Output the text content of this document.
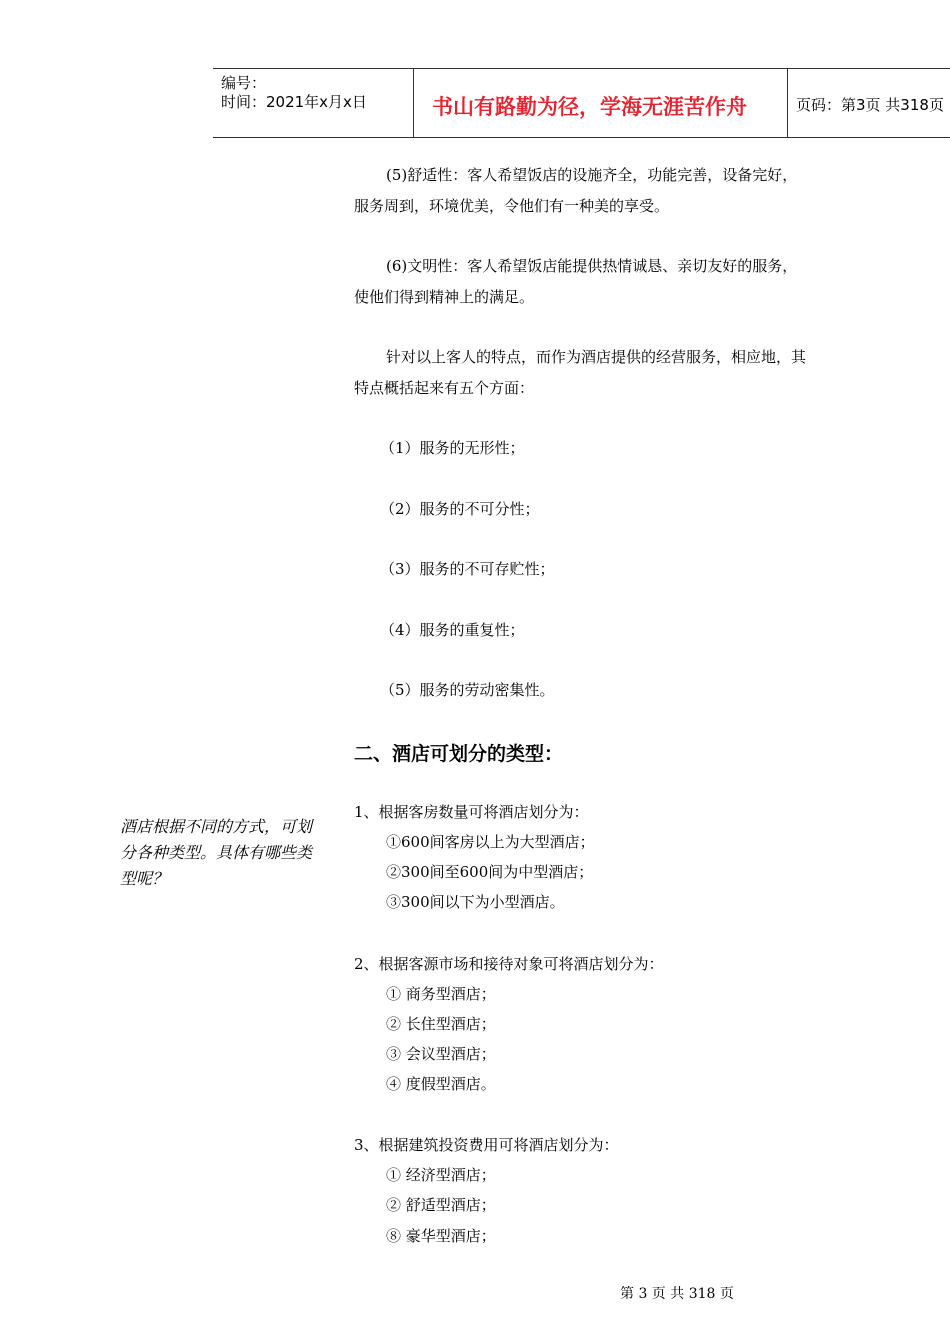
编号：
时间：2021年x月x日	书山有路勤为径，学海无涯苦作舟	页码：第3页 共318页
(5)舒适性：客人希望饭店的设施齐全，功能完善，设备完好，
服务周到，环境优美，令他们有一种美的享受。
(6)文明性：客人希望饭店能提供热情诚恳、亲切友好的服务，
使他们得到精神上的满足。
针对以上客人的特点，而作为酒店提供的经营服务，相应地，其
特点概括起来有五个方面：
（1）服务的无形性；
（2）服务的不可分性；
（3）服务的不可存贮性；
（4）服务的重复性；
（5）服务的劳动密集性。
二、酒店可划分的类型：
酒店根据不同的方式，可划分各种类型。具体有哪些类型呢？
1、根据客房数量可将酒店划分为：
①600间客房以上为大型酒店；
②300间至600间为中型酒店；
③300间以下为小型酒店。
2、根据客源市场和接待对象可将酒店划分为：
① 商务型酒店；
② 长住型酒店；
③ 会议型酒店；
④ 度假型酒店。
3、根据建筑投资费用可将酒店划分为：
① 经济型酒店；
② 舒适型酒店；
⑧ 豪华型酒店；
第 3 页 共 318 页
